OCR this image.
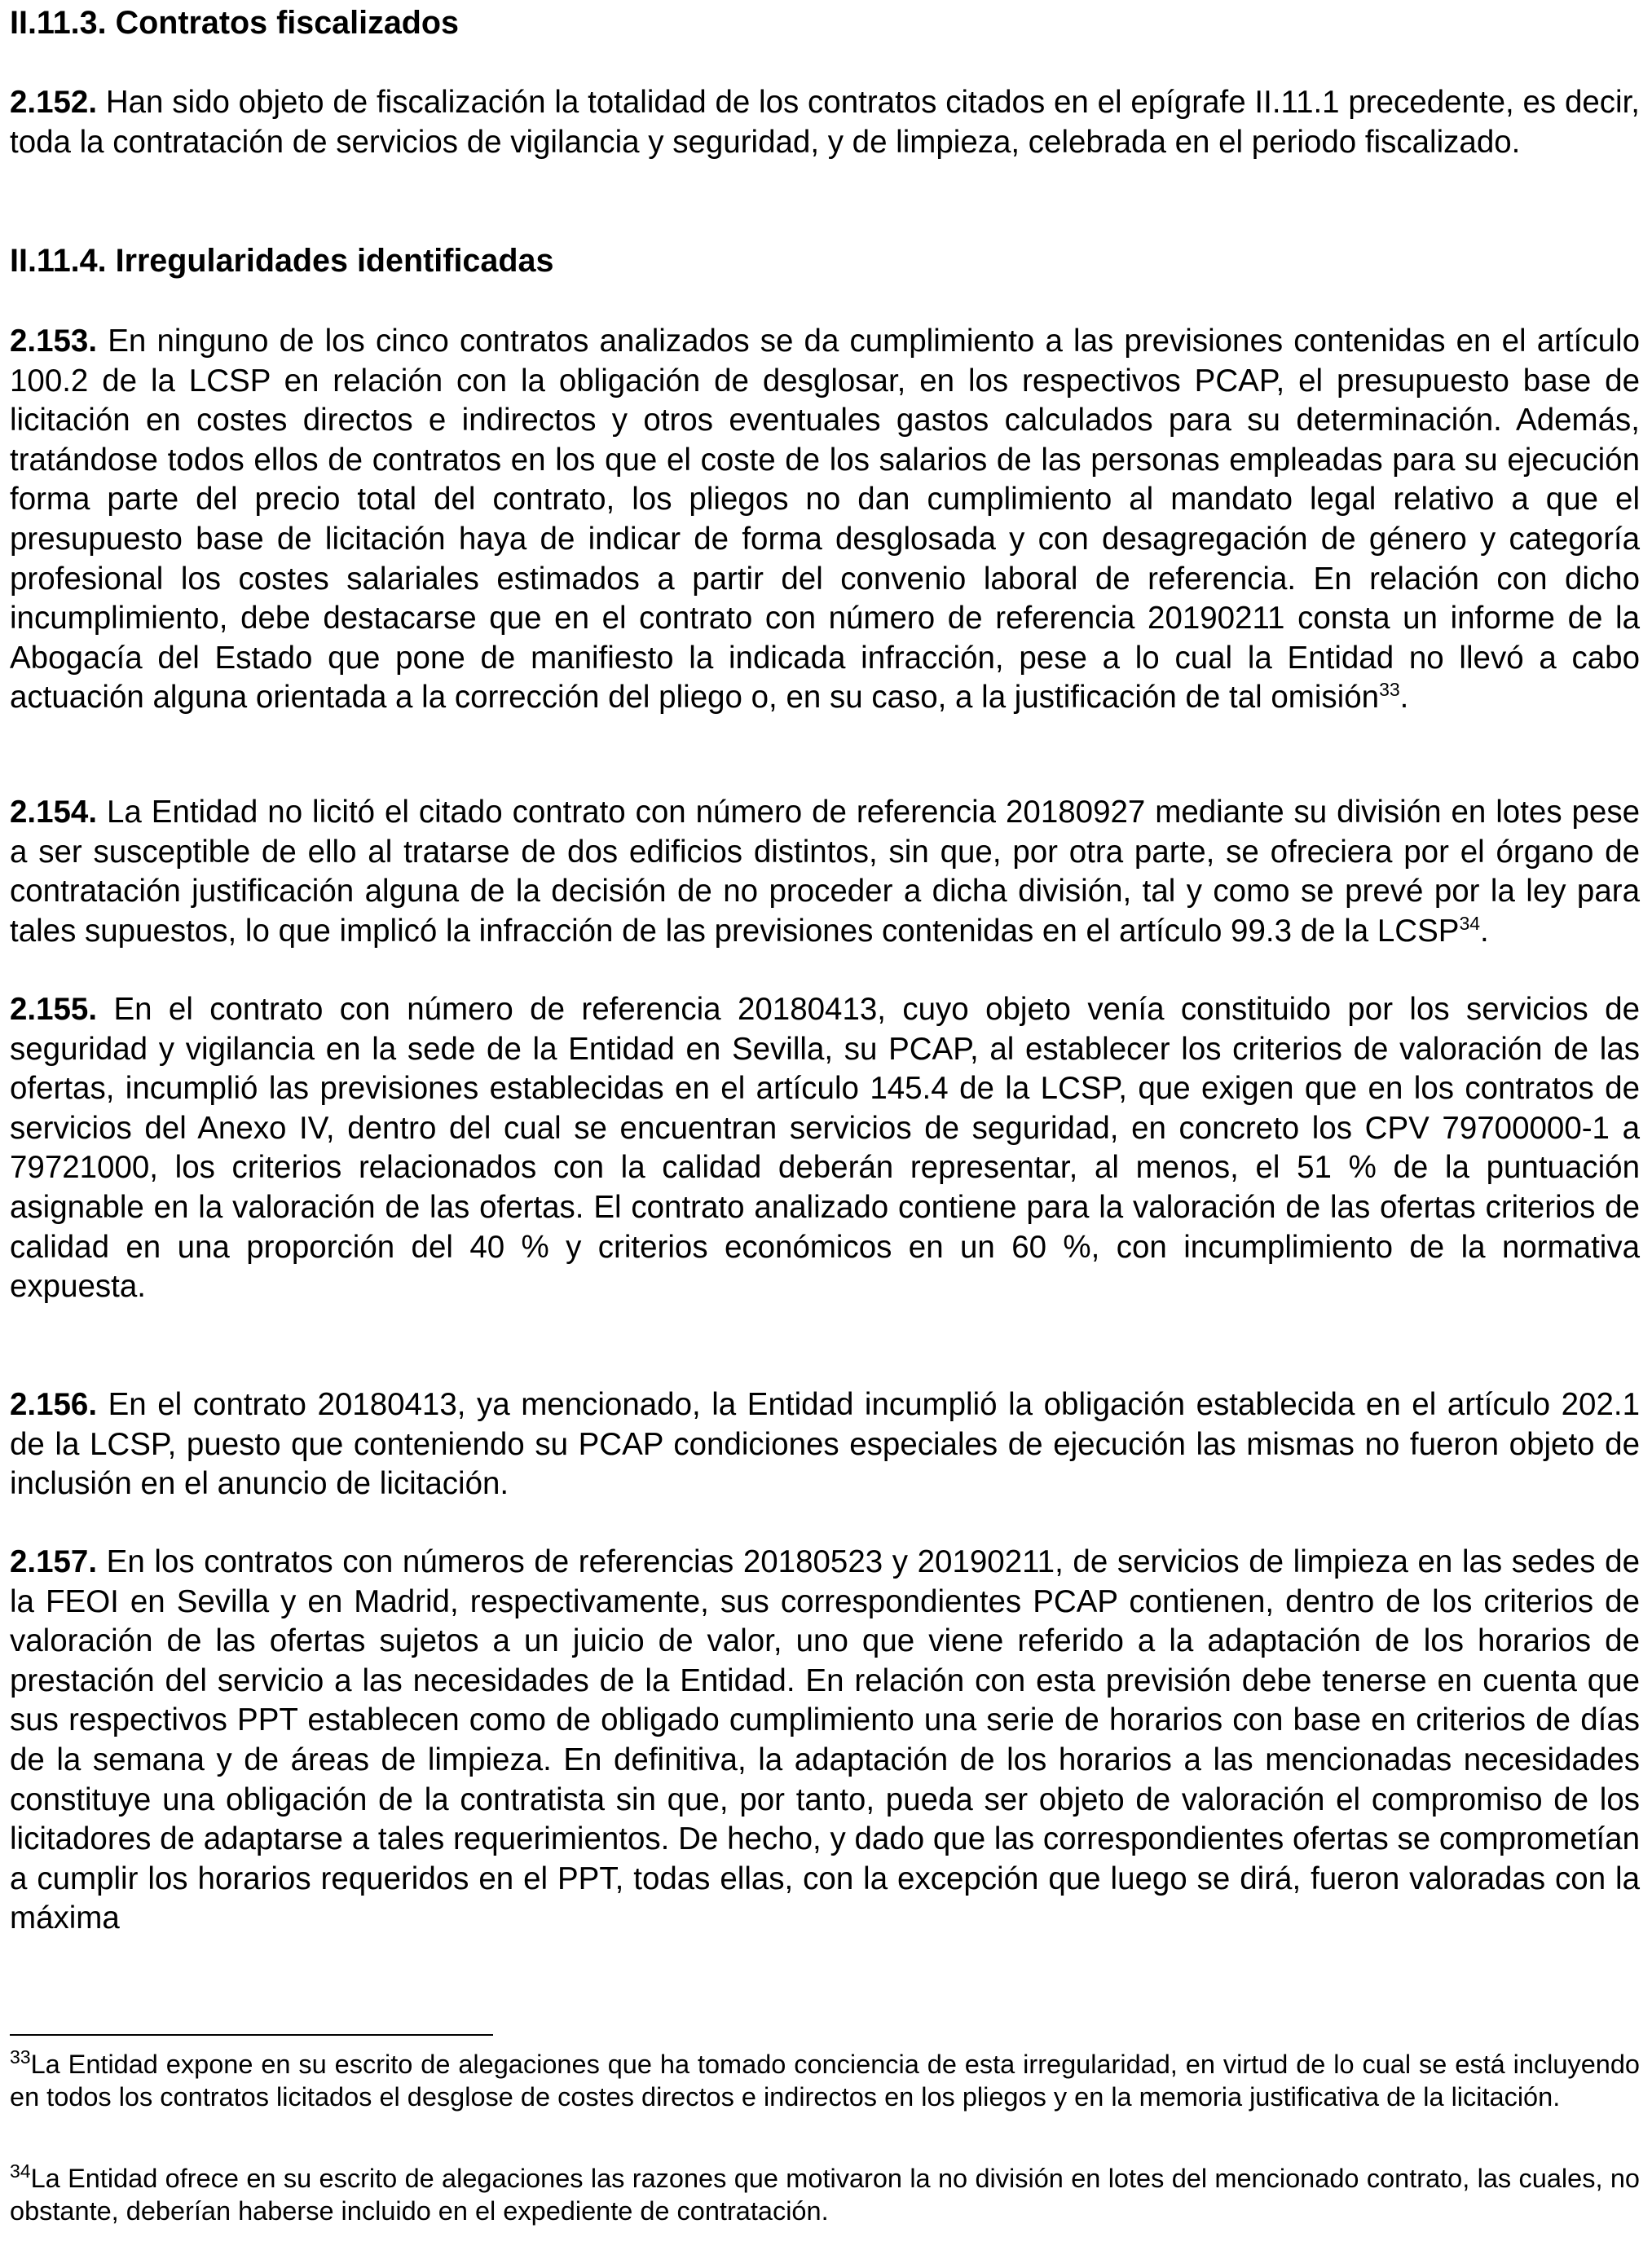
II.11.3. Contratos fiscalizados

2.152. Han sido objeto de fiscalización la totalidad de los contratos citados en el epígrafe II.11.1 precedente, es decir, toda la contratación de servicios de vigilancia y seguridad, y de limpieza, celebrada en el periodo fiscalizado.

II.11.4. Irregularidades identificadas

2.153. En ninguno de los cinco contratos analizados se da cumplimiento a las previsiones contenidas en el artículo 100.2 de la LCSP en relación con la obligación de desglosar, en los respectivos PCAP, el presupuesto base de licitación en costes directos e indirectos y otros eventuales gastos calculados para su determinación. Además, tratándose todos ellos de contratos en los que el coste de los salarios de las personas empleadas para su ejecución forma parte del precio total del contrato, los pliegos no dan cumplimiento al mandato legal relativo a que el presupuesto base de licitación haya de indicar de forma desglosada y con desagregación de género y categoría profesional los costes salariales estimados a partir del convenio laboral de referencia. En relación con dicho incumplimiento, debe destacarse que en el contrato con número de referencia 20190211 consta un informe de la Abogacía del Estado que pone de manifiesto la indicada infracción, pese a lo cual la Entidad no llevó a cabo actuación alguna orientada a la corrección del pliego o, en su caso, a la justificación de tal omisión$^{33}$.

2.154. La Entidad no licitó el citado contrato con número de referencia 20180927 mediante su división en lotes pese a ser susceptible de ello al tratarse de dos edificios distintos, sin que, por otra parte, se ofreciera por el órgano de contratación justificación alguna de la decisión de no proceder a dicha división, tal y como se prevé por la ley para tales supuestos, lo que implicó la infracción de las previsiones contenidas en el artículo 99.3 de la LCSP$^{34}$.

2.155. En el contrato con número de referencia 20180413, cuyo objeto venía constituido por los servicios de seguridad y vigilancia en la sede de la Entidad en Sevilla, su PCAP, al establecer los criterios de valoración de las ofertas, incumplió las previsiones establecidas en el artículo 145.4 de la LCSP, que exigen que en los contratos de servicios del Anexo IV, dentro del cual se encuentran servicios de seguridad, en concreto los CPV 79700000-1 a 79721000, los criterios relacionados con la calidad deberán representar, al menos, el 51 % de la puntuación asignable en la valoración de las ofertas. El contrato analizado contiene para la valoración de las ofertas criterios de calidad en una proporción del 40 % y criterios económicos en un 60 %, con incumplimiento de la normativa expuesta.

2.156. En el contrato 20180413, ya mencionado, la Entidad incumplió la obligación establecida en el artículo 202.1 de la LCSP, puesto que conteniendo su PCAP condiciones especiales de ejecución las mismas no fueron objeto de inclusión en el anuncio de licitación.

2.157. En los contratos con números de referencias 20180523 y 20190211, de servicios de limpieza en las sedes de la FEOI en Sevilla y en Madrid, respectivamente, sus correspondientes PCAP contienen, dentro de los criterios de valoración de las ofertas sujetos a un juicio de valor, uno que viene referido a la adaptación de los horarios de prestación del servicio a las necesidades de la Entidad. En relación con esta previsión debe tenerse en cuenta que sus respectivos PPT establecen como de obligado cumplimiento una serie de horarios con base en criterios de días de la semana y de áreas de limpieza. En definitiva, la adaptación de los horarios a las mencionadas necesidades constituye una obligación de la contratista sin que, por tanto, pueda ser objeto de valoración el compromiso de los licitadores de adaptarse a tales requerimientos. De hecho, y dado que las correspondientes ofertas se comprometían a cumplir los horarios requeridos en el PPT, todas ellas, con la excepción que luego se dirá, fueron valoradas con la máxima

$^{33}$La Entidad expone en su escrito de alegaciones que ha tomado conciencia de esta irregularidad, en virtud de lo cual se está incluyendo en todos los contratos licitados el desglose de costes directos e indirectos en los pliegos y en la memoria justificativa de la licitación.

$^{34}$La Entidad ofrece en su escrito de alegaciones las razones que motivaron la no división en lotes del mencionado contrato, las cuales, no obstante, deberían haberse incluido en el expediente de contratación.
